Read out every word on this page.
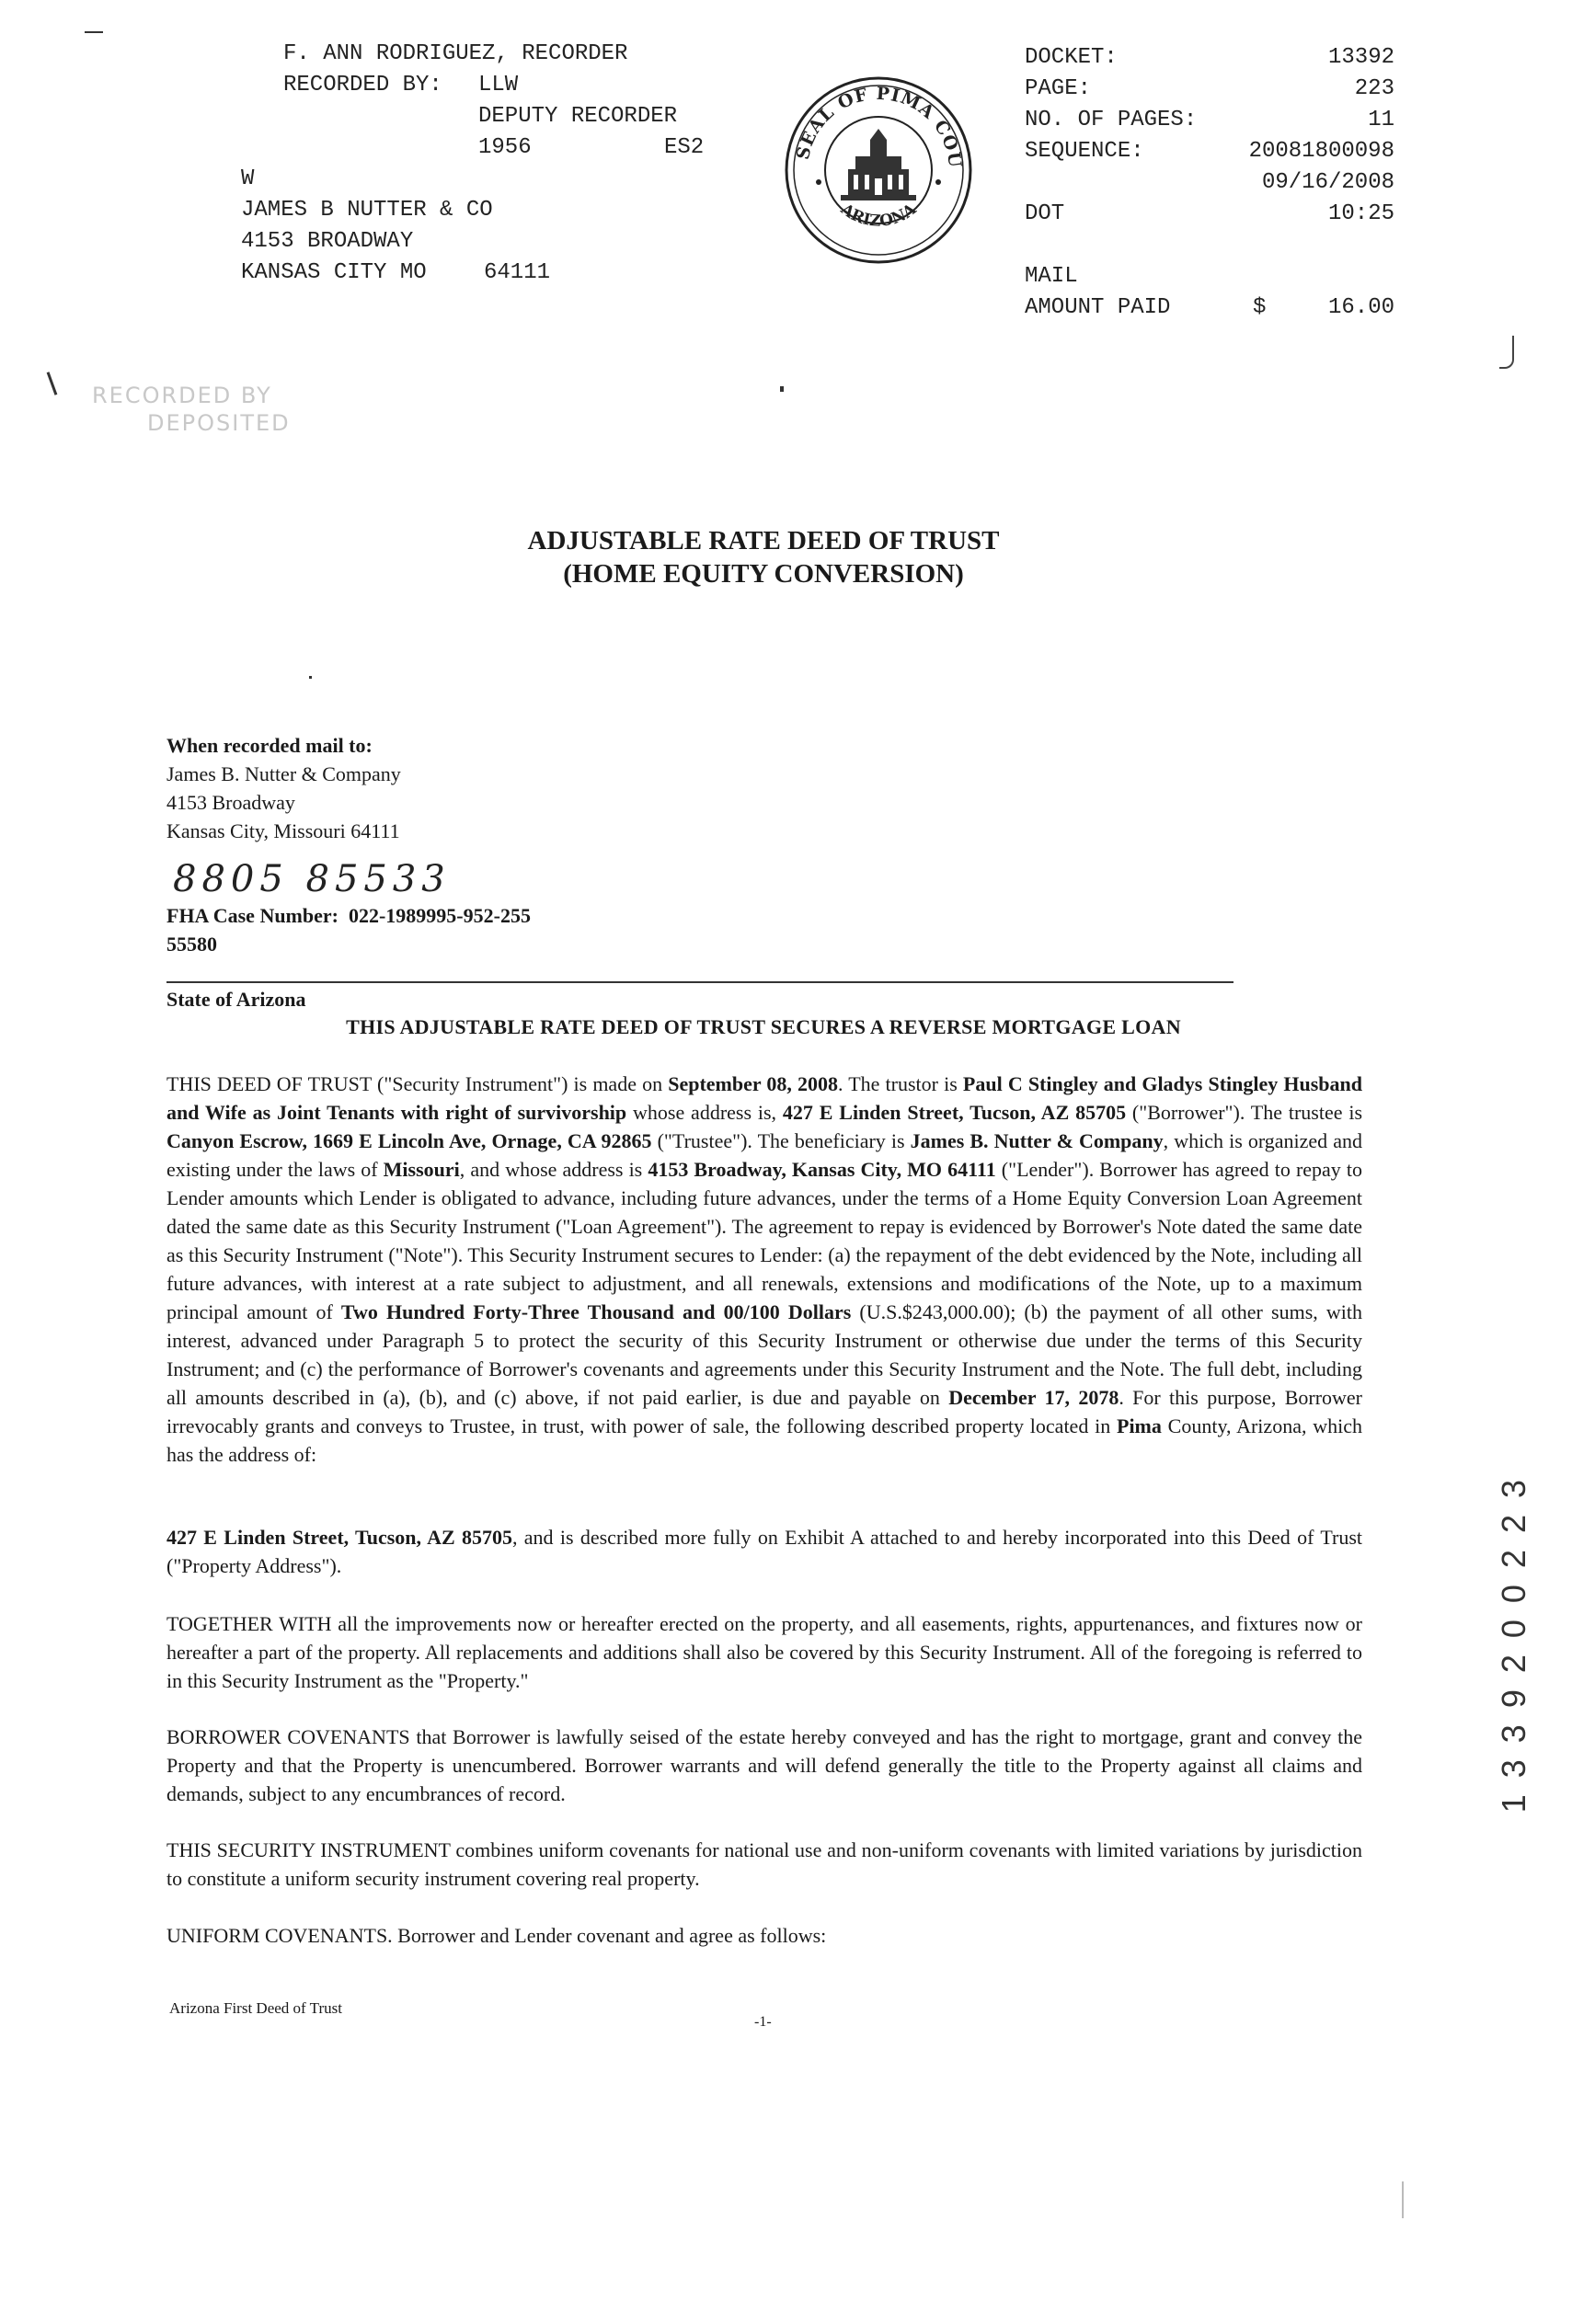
F. ANN RODRIGUEZ, RECORDER
RECORDED BY: LLW
DEPUTY RECORDER
1956	ES2
W
JAMES B NUTTER & CO
4153 BROADWAY
KANSAS CITY MO	64111
SEAL OF PIMA COU
ARIZONA
DOCKET:	13392
PAGE:	223
NO. OF PAGES:	11
SEQUENCE:	20081800098
09/16/2008
DOT	10:25
MAIL
AMOUNT PAID	$	16.00
RECORDED BY
DEPOSITED
ADJUSTABLE RATE DEED OF TRUST
(HOME EQUITY CONVERSION)
When recorded mail to:
James B. Nutter & Company
4153 Broadway
Kansas City, Missouri 64111
8805 85533
FHA Case Number: 022-1989995-952-255
55580
State of Arizona
THIS ADJUSTABLE RATE DEED OF TRUST SECURES A REVERSE MORTGAGE LOAN
THIS DEED OF TRUST ("Security Instrument") is made on September 08, 2008. The trustor is Paul C Stingley and Gladys Stingley Husband and Wife as Joint Tenants with right of survivorship whose address is, 427 E Linden Street, Tucson, AZ 85705 ("Borrower"). The trustee is Canyon Escrow, 1669 E Lincoln Ave, Ornage, CA 92865 ("Trustee"). The beneficiary is James B. Nutter & Company, which is organized and existing under the laws of Missouri, and whose address is 4153 Broadway, Kansas City, MO 64111 ("Lender"). Borrower has agreed to repay to Lender amounts which Lender is obligated to advance, including future advances, under the terms of a Home Equity Conversion Loan Agreement dated the same date as this Security Instrument ("Loan Agreement"). The agreement to repay is evidenced by Borrower's Note dated the same date as this Security Instrument ("Note"). This Security Instrument secures to Lender: (a) the repayment of the debt evidenced by the Note, including all future advances, with interest at a rate subject to adjustment, and all renewals, extensions and modifications of the Note, up to a maximum principal amount of Two Hundred Forty-Three Thousand and 00/100 Dollars (U.S.$243,000.00); (b) the payment of all other sums, with interest, advanced under Paragraph 5 to protect the security of this Security Instrument or otherwise due under the terms of this Security Instrument; and (c) the performance of Borrower's covenants and agreements under this Security Instrument and the Note. The full debt, including all amounts described in (a), (b), and (c) above, if not paid earlier, is due and payable on December 17, 2078. For this purpose, Borrower irrevocably grants and conveys to Trustee, in trust, with power of sale, the following described property located in Pima County, Arizona, which has the address of:
427 E Linden Street, Tucson, AZ 85705, and is described more fully on Exhibit A attached to and hereby incorporated into this Deed of Trust ("Property Address").
TOGETHER WITH all the improvements now or hereafter erected on the property, and all easements, rights, appurtenances, and fixtures now or hereafter a part of the property. All replacements and additions shall also be covered by this Security Instrument. All of the foregoing is referred to in this Security Instrument as the "Property."
BORROWER COVENANTS that Borrower is lawfully seised of the estate hereby conveyed and has the right to mortgage, grant and convey the Property and that the Property is unencumbered. Borrower warrants and will defend generally the title to the Property against all claims and demands, subject to any encumbrances of record.
THIS SECURITY INSTRUMENT combines uniform covenants for national use and non-uniform covenants with limited variations by jurisdiction to constitute a uniform security instrument covering real property.
UNIFORM COVENANTS. Borrower and Lender covenant and agree as follows:
Arizona First Deed of Trust
-1-
1 3 3 9 2 0 0 2 2 3
